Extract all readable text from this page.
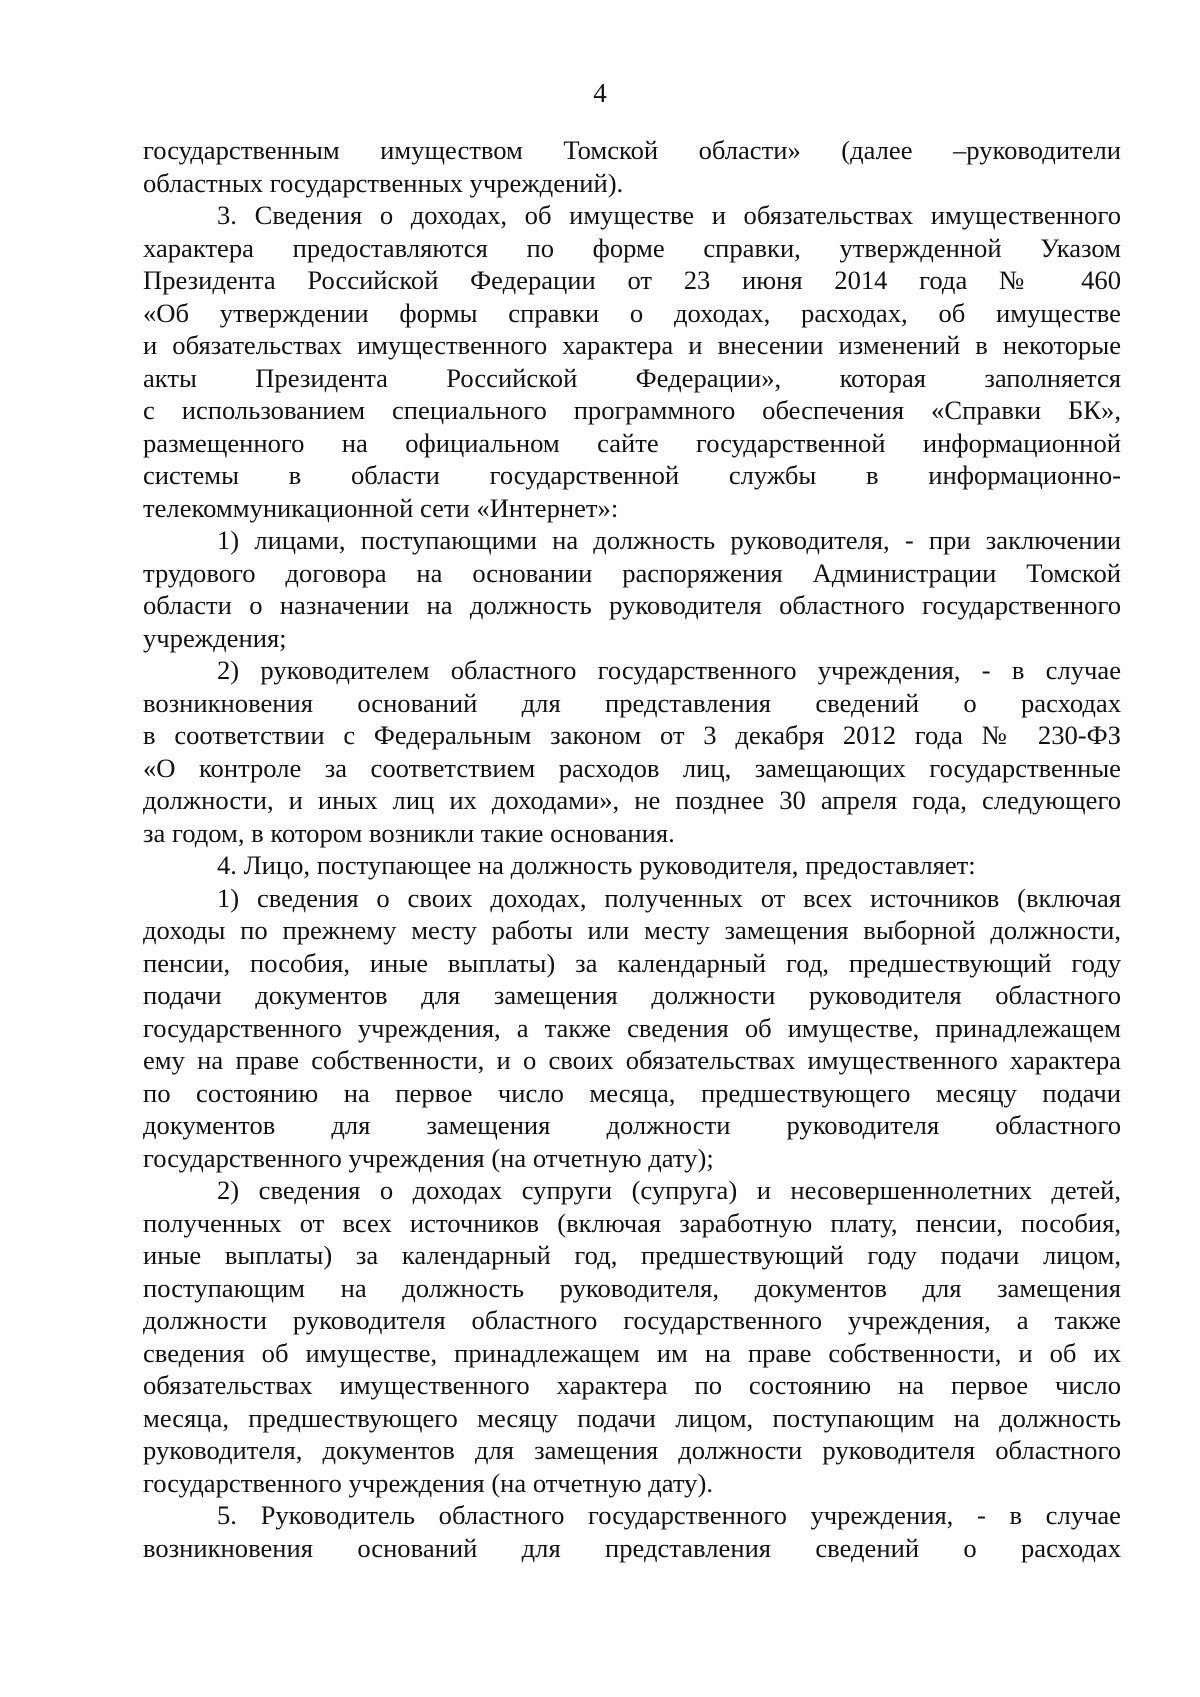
4
государственным имуществом Томской области» (далее –руководители
областных государственных учреждений).
3. Сведения о доходах, об имуществе и обязательствах имущественного
характера предоставляются по форме справки, утвержденной Указом
Президента Российской Федерации от 23 июня 2014 года № 460
«Об утверждении формы справки о доходах, расходах, об имуществе
и обязательствах имущественного характера и внесении изменений в некоторые
акты Президента Российской Федерации», которая заполняется
с использованием специального программного обеспечения «Справки БК»,
размещенного на официальном сайте государственной информационной
системы в области государственной службы в информационно-
телекоммуникационной сети «Интернет»:
1) лицами, поступающими на должность руководителя, - при заключении
трудового договора на основании распоряжения Администрации Томской
области о назначении на должность руководителя областного государственного
учреждения;
2) руководителем областного государственного учреждения, - в случае
возникновения оснований для представления сведений о расходах
в соответствии с Федеральным законом от 3 декабря 2012 года № 230-ФЗ
«О контроле за соответствием расходов лиц, замещающих государственные
должности, и иных лиц их доходами», не позднее 30 апреля года, следующего
за годом, в котором возникли такие основания.
4. Лицо, поступающее на должность руководителя, предоставляет:
1) сведения о своих доходах, полученных от всех источников (включая
доходы по прежнему месту работы или месту замещения выборной должности,
пенсии, пособия, иные выплаты) за календарный год, предшествующий году
подачи документов для замещения должности руководителя областного
государственного учреждения, а также сведения об имуществе, принадлежащем
ему на праве собственности, и о своих обязательствах имущественного характера
по состоянию на первое число месяца, предшествующего месяцу подачи
документов для замещения должности руководителя областного
государственного учреждения (на отчетную дату);
2) сведения о доходах супруги (супруга) и несовершеннолетних детей,
полученных от всех источников (включая заработную плату, пенсии, пособия,
иные выплаты) за календарный год, предшествующий году подачи лицом,
поступающим на должность руководителя, документов для замещения
должности руководителя областного государственного учреждения, а также
сведения об имуществе, принадлежащем им на праве собственности, и об их
обязательствах имущественного характера по состоянию на первое число
месяца, предшествующего месяцу подачи лицом, поступающим на должность
руководителя, документов для замещения должности руководителя областного
государственного учреждения (на отчетную дату).
5. Руководитель областного государственного учреждения, - в случае
возникновения оснований для представления сведений о расходах
